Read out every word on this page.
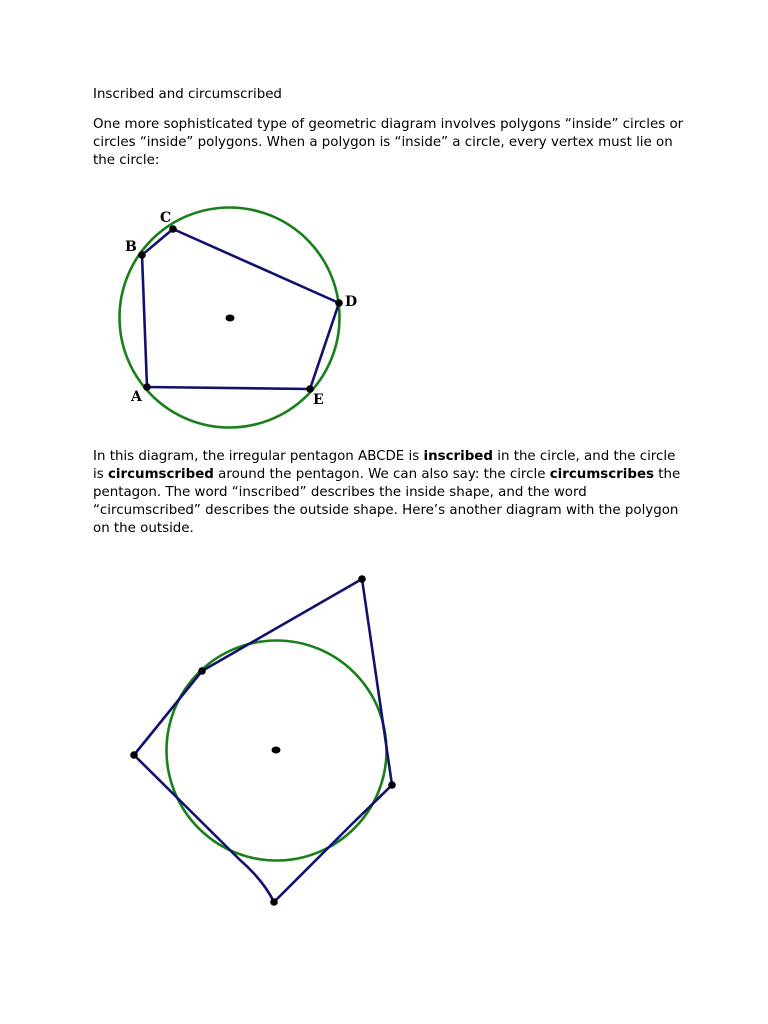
Inscribed and circumscribed

One more sophisticated type of geometric diagram involves polygons “inside” circles or circles “inside” polygons. When a polygon is “inside” a circle, every vertex must lie on the circle:

A
B
C
D
E

In this diagram, the irregular pentagon ABCDE is inscribed in the circle, and the circle is circumscribed around the pentagon. We can also say: the circle circumscribes the pentagon. The word “inscribed” describes the inside shape, and the word “circumscribed” describes the outside shape. Here’s another diagram with the polygon on the outside.
